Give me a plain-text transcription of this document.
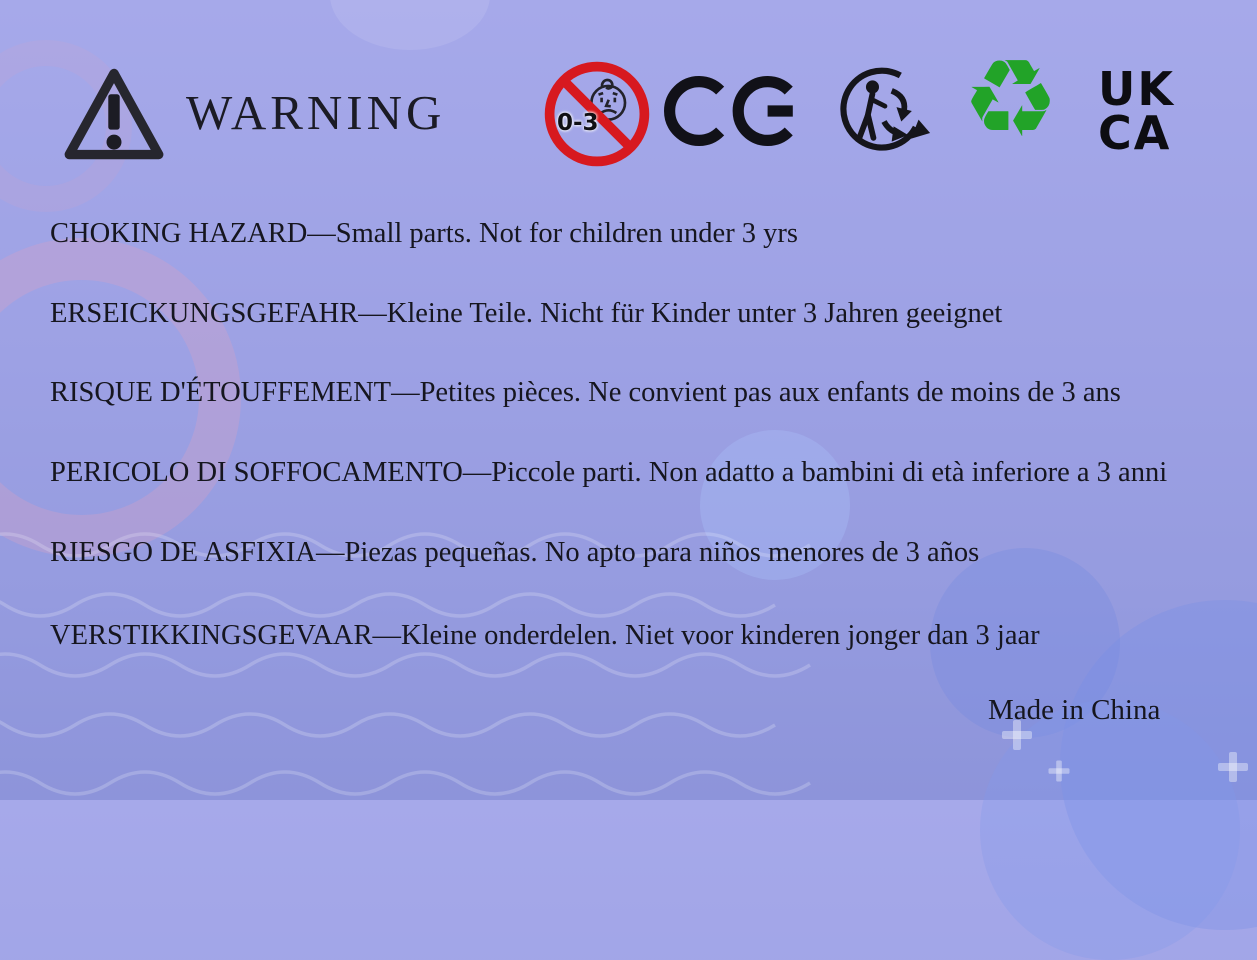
WARNING	0-3	♻ UK
CA
CHOKING HAZARD—Small parts. Not for children under 3 yrs
ERSEICKUNGSGEFAHR—Kleine Teile. Nicht für Kinder unter 3 Jahren geeignet
RISQUE D'ÉTOUFFEMENT—Petites pièces. Ne convient pas aux enfants de moins de 3 ans
PERICOLO DI SOFFOCAMENTO—Piccole parti. Non adatto a bambini di età inferiore a 3 anni
RIESGO DE ASFIXIA—Piezas pequeñas. No apto para niños menores de 3 años
VERSTIKKINGSGEVAAR—Kleine onderdelen. Niet voor kinderen jonger dan 3 jaar
Made in China
